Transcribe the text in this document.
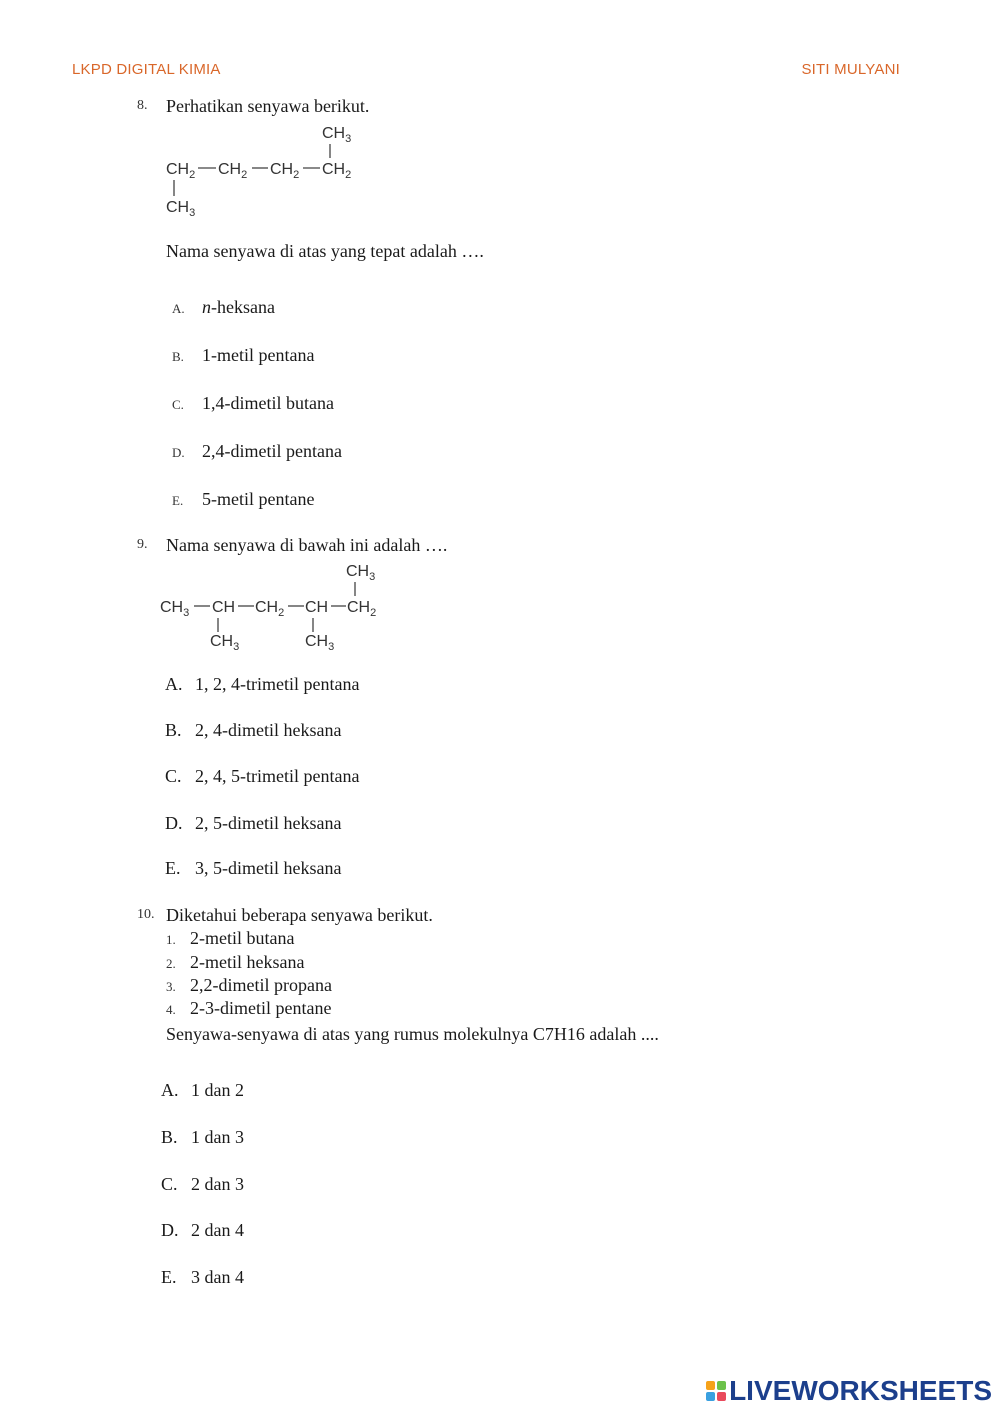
LKPD DIGITAL KIMIA	SITI MULYANI
8. Perhatikan senyawa berikut.
$CH_3$
$CH_2$ $CH_2$ $CH_2$ $CH_2$
$CH_3$
Nama senyawa di atas yang tepat adalah ….
A. n-heksana
B. 1-metil pentana
C. 1,4-dimetil butana
D. 2,4-dimetil pentana
E. 5-metil pentane
9. Nama senyawa di bawah ini adalah ….
$CH_3$
$CH_3$ CH $CH_2$ CH $CH_2$
$CH_3$	$CH_3$
A. 1, 2, 4-trimetil pentana
B. 2, 4-dimetil heksana
C. 2, 4, 5-trimetil pentana
D. 2, 5-dimetil heksana
E. 3, 5-dimetil heksana
10. Diketahui beberapa senyawa berikut.
1. 2-metil butana
2. 2-metil heksana
3. 2,2-dimetil propana
4. 2-3-dimetil pentane
Senyawa-senyawa di atas yang rumus molekulnya C7H16 adalah ....
A. 1 dan 2
B. 1 dan 3
C. 2 dan 3
D. 2 dan 4
E. 3 dan 4
LIVEWORKSHEETS
